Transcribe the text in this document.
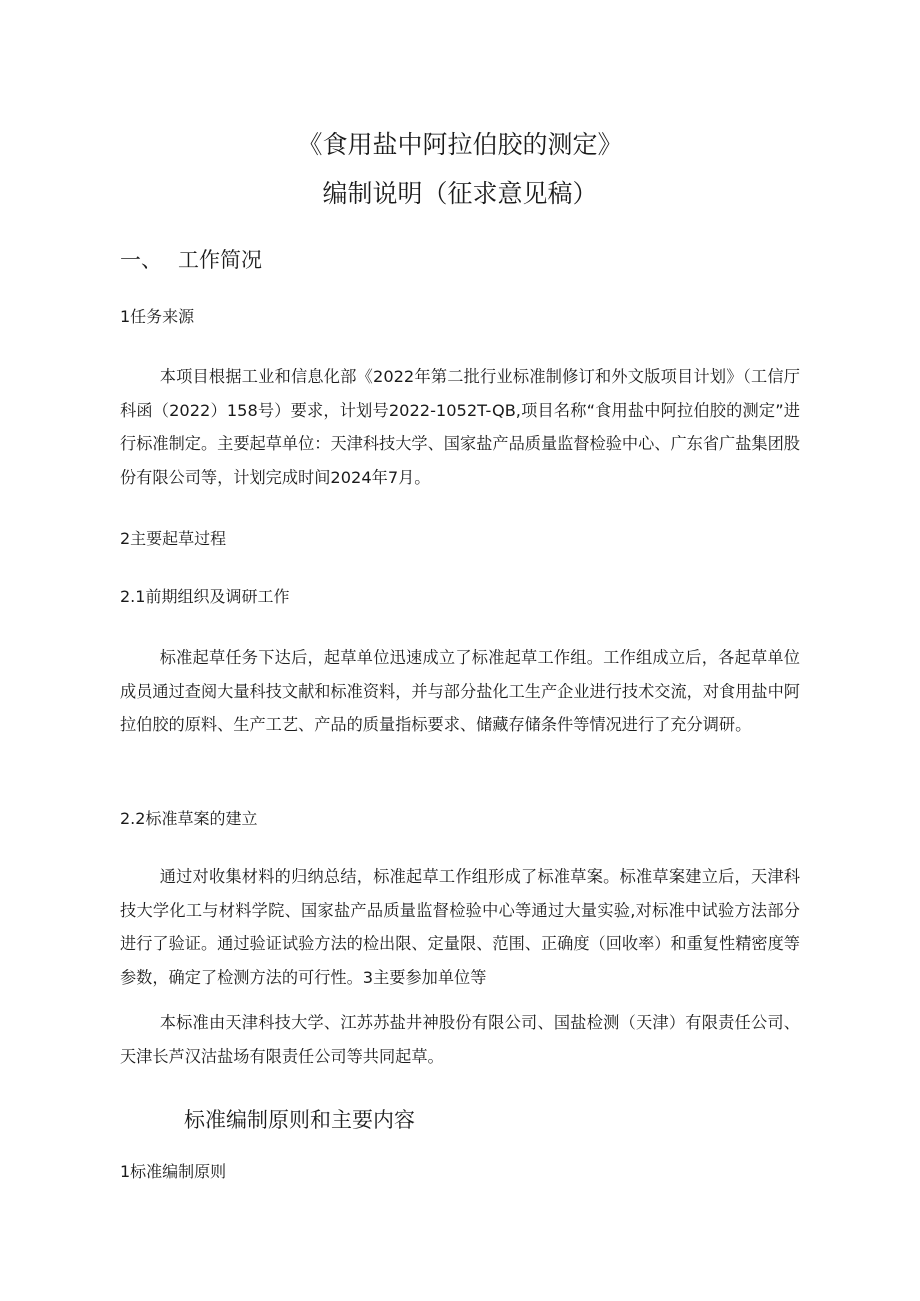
《食用盐中阿拉伯胶的测定》
编制说明（征求意见稿）
一、 工作简况
1任务来源
本项目根据工业和信息化部《2022年第二批行业标准制修订和外文版项目计划》（工信厅科函（2022）158号）要求，计划号2022-1052T-QB,项目名称“食用盐中阿拉伯胶的测定”进行标准制定。主要起草单位：天津科技大学、国家盐产品质量监督检验中心、广东省广盐集团股份有限公司等，计划完成时间2024年7月。
2主要起草过程
2.1前期组织及调研工作
标准起草任务下达后，起草单位迅速成立了标准起草工作组。工作组成立后，各起草单位成员通过查阅大量科技文献和标准资料，并与部分盐化工生产企业进行技术交流，对食用盐中阿拉伯胶的原料、生产工艺、产品的质量指标要求、储藏存储条件等情况进行了充分调研。
2.2标准草案的建立
通过对收集材料的归纳总结，标准起草工作组形成了标准草案。标准草案建立后，天津科技大学化工与材料学院、国家盐产品质量监督检验中心等通过大量实验,对标准中试验方法部分进行了验证。通过验证试验方法的检出限、定量限、范围、正确度（回收率）和重复性精密度等参数，确定了检测方法的可行性。3主要参加单位等
本标准由天津科技大学、江苏苏盐井神股份有限公司、国盐检测（天津）有限责任公司、天津长芦汉沽盐场有限责任公司等共同起草。
标准编制原则和主要内容
1标准编制原则
